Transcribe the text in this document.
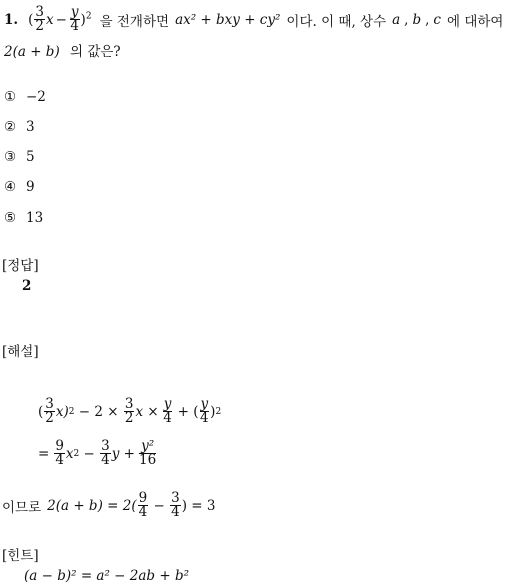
1. ( $\frac{3}{2}$ $x - \frac{y}{4} )^2$ 을 전개하면 ax² + bxy + cy² 이다. 이 때, 상수 a , b , c 에 대하여
2(a + b) 의 값은?
① −2
② 3
③ 5
④ 9
⑤ 13
[정답]
2
[해설]
( $\frac{3}{2} x$) $2 - 2 \times \frac{3}{2}$ $x \times \frac{y}{4}$ + ( $\frac{y}{4}$ ) 2
= $\frac{9}{4}$ x $2 - \frac{3}{4}$ $y + \frac{\text{y²}}{16}$
이므로 $2(a + b) = 2( \frac{9}{4} - \frac{3}{4}$ ) = 3
[힌트]
(a − b)² = a² − 2ab + b²
